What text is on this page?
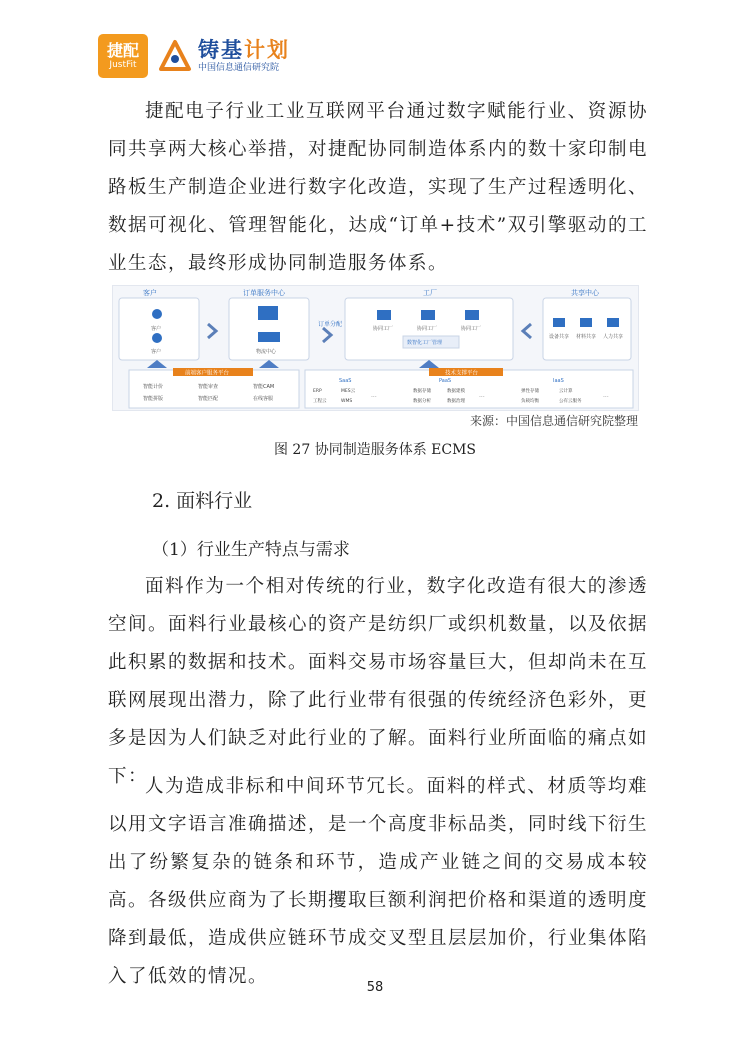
捷配
JustFit
铸基计划
中国信息通信研究院

捷配电子行业工业互联网平台通过数字赋能行业、资源协同共享两大核心举措，对捷配协同制造体系内的数十家印制电路板生产制造企业进行数字化改造，实现了生产过程透明化、数据可视化、管理智能化，达成“订单+技术”双引擎驱动的工业生态，最终形成协同制造服务体系。

客户
客户
客户
订单服务中心
物流中心
订单分配
工厂
协同工厂	协同工厂	协同工厂
数智化工厂管理
共享中心
设备共享 材料共享 人力共享
前端客户服务平台
智能计价	智能审查	智能CAM
智能拼版	智能匹配	在线客服
技术支撑平台
SaaS
ERP	MES云
工程云	WMS
...
PaaS
数据存储	数据建模
数据分析	数据治理
...
IaaS
弹性存储	云计算
负载均衡	公有云服务
...
来源：中国信息通信研究院整理
图 27 协同制造服务体系 ECMS
2. 面料行业
（1）行业生产特点与需求

面料作为一个相对传统的行业，数字化改造有很大的渗透空间。面料行业最核心的资产是纺织厂或织机数量，以及依据此积累的数据和技术。面料交易市场容量巨大，但却尚未在互联网展现出潜力，除了此行业带有很强的传统经济色彩外，更多是因为人们缺乏对此行业的了解。面料行业所面临的痛点如下：

人为造成非标和中间环节冗长。面料的样式、材质等均难以用文字语言准确描述，是一个高度非标品类，同时线下衍生出了纷繁复杂的链条和环节，造成产业链之间的交易成本较高。各级供应商为了长期攫取巨额利润把价格和渠道的透明度降到最低，造成供应链环节成交叉型且层层加价，行业集体陷入了低效的情况。

58
